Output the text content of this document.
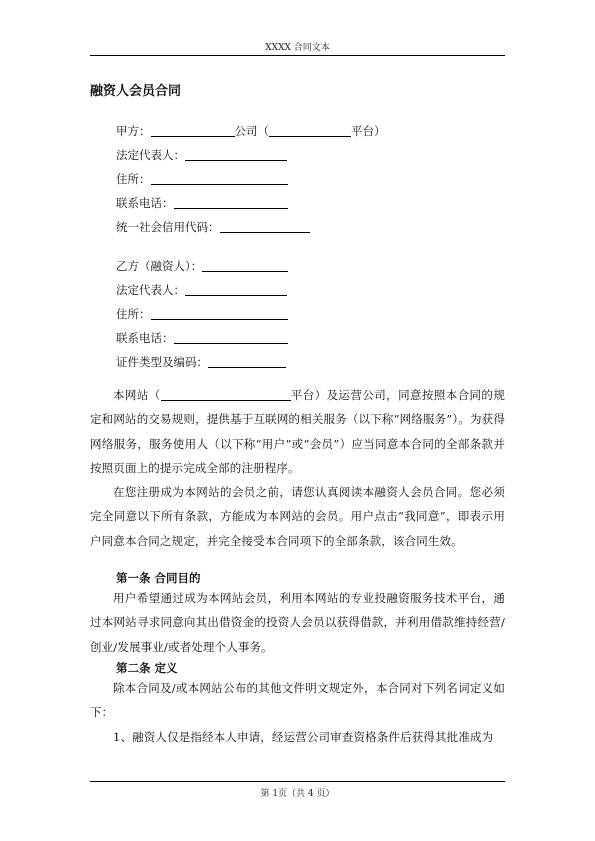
XXXX 合同文本
融资人会员合同
甲方：	公司（	平台）
法定代表人：
住所：
联系电话：
统一社会信用代码：
乙方（融资人）：
法定代表人：
住所：
联系电话：
证件类型及编码：
本网站（	平台）及运营公司，同意按照本合同的规定和网站的交易规则，提供基于互联网的相关服务（以下称“网络服务”）。为获得网络服务，服务使用人（以下称“用户”或“会员”）应当同意本合同的全部条款并按照页面上的提示完成全部的注册程序。
在您注册成为本网站的会员之前，请您认真阅读本融资人会员合同。您必须完全同意以下所有条款，方能成为本网站的会员。用户点击“我同意”，即表示用户同意本合同之规定，并完全接受本合同项下的全部条款，该合同生效。
第一条 合同目的
用户希望通过成为本网站会员，利用本网站的专业投融资服务技术平台，通过本网站寻求同意向其出借资金的投资人会员以获得借款，并利用借款维持经营/创业/发展事业/或者处理个人事务。
第二条 定义
除本合同及/或本网站公布的其他文件明文规定外，本合同对下列名词定义如下：
1、融资人仅是指经本人申请，经运营公司审查资格条件后获得其批准成为
第 1页（共 4 页）
